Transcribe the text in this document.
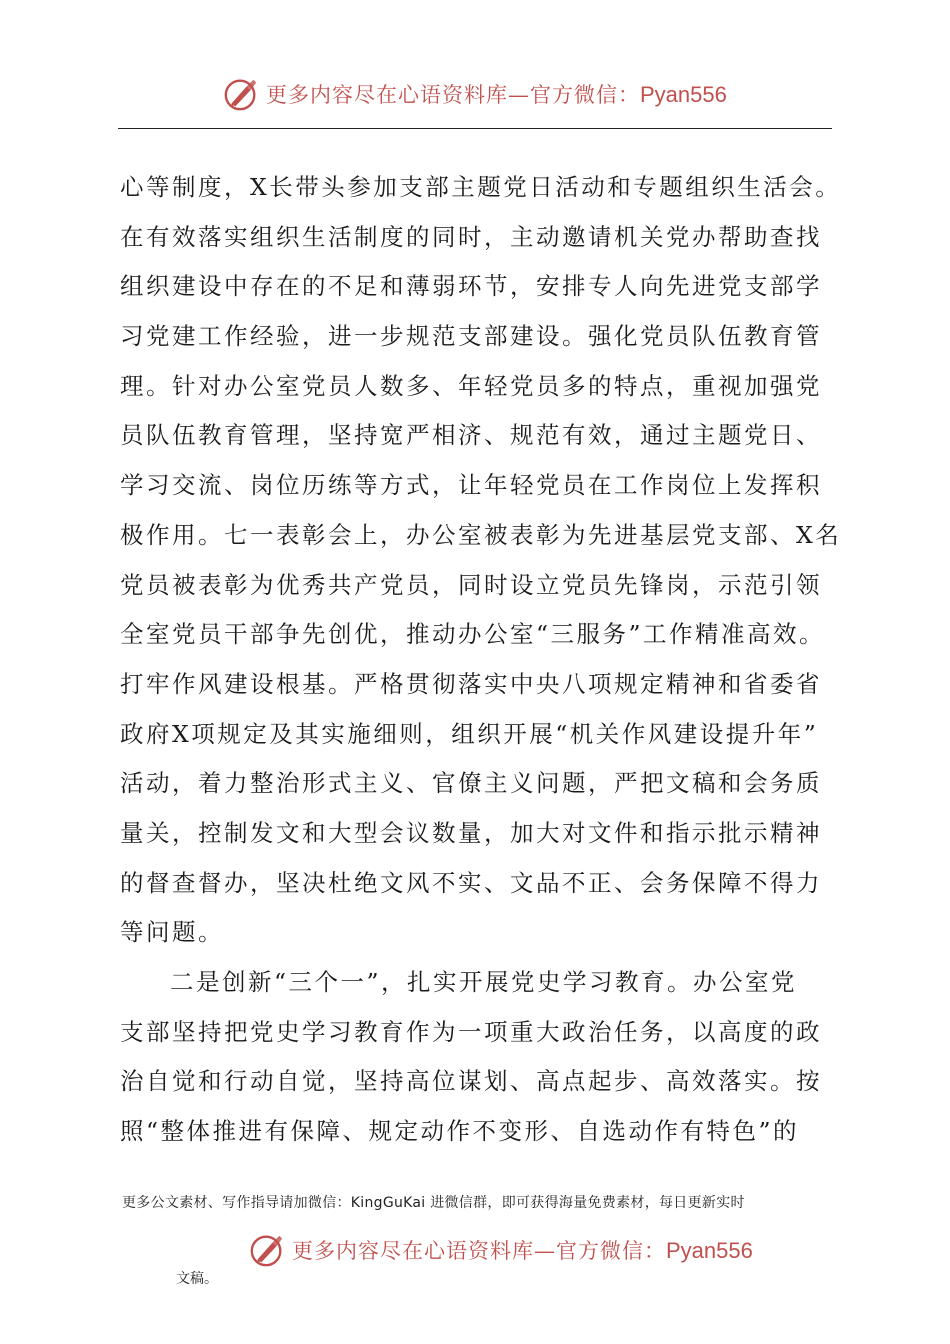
更多内容尽在心语资料库—官方微信：Pyan556
心等制度，X长带头参加支部主题党日活动和专题组织生活会。
在有效落实组织生活制度的同时，主动邀请机关党办帮助查找
组织建设中存在的不足和薄弱环节，安排专人向先进党支部学
习党建工作经验，进一步规范支部建设。强化党员队伍教育管
理。针对办公室党员人数多、年轻党员多的特点，重视加强党
员队伍教育管理，坚持宽严相济、规范有效，通过主题党日、
学习交流、岗位历练等方式，让年轻党员在工作岗位上发挥积
极作用。七一表彰会上，办公室被表彰为先进基层党支部、X名
党员被表彰为优秀共产党员，同时设立党员先锋岗，示范引领
全室党员干部争先创优，推动办公室“三服务”工作精准高效。
打牢作风建设根基。严格贯彻落实中央八项规定精神和省委省
政府X项规定及其实施细则，组织开展“机关作风建设提升年”
活动，着力整治形式主义、官僚主义问题，严把文稿和会务质
量关，控制发文和大型会议数量，加大对文件和指示批示精神
的督查督办，坚决杜绝文风不实、文品不正、会务保障不得力
等问题。
二是创新“三个一”，扎实开展党史学习教育。办公室党
支部坚持把党史学习教育作为一项重大政治任务，以高度的政
治自觉和行动自觉，坚持高位谋划、高点起步、高效落实。按
照“整体推进有保障、规定动作不变形、自选动作有特色”的
更多公文素材、写作指导请加微信：KingGuKai 进微信群，即可获得海量免费素材，每日更新实时
更多内容尽在心语资料库—官方微信：Pyan556
文稿。
